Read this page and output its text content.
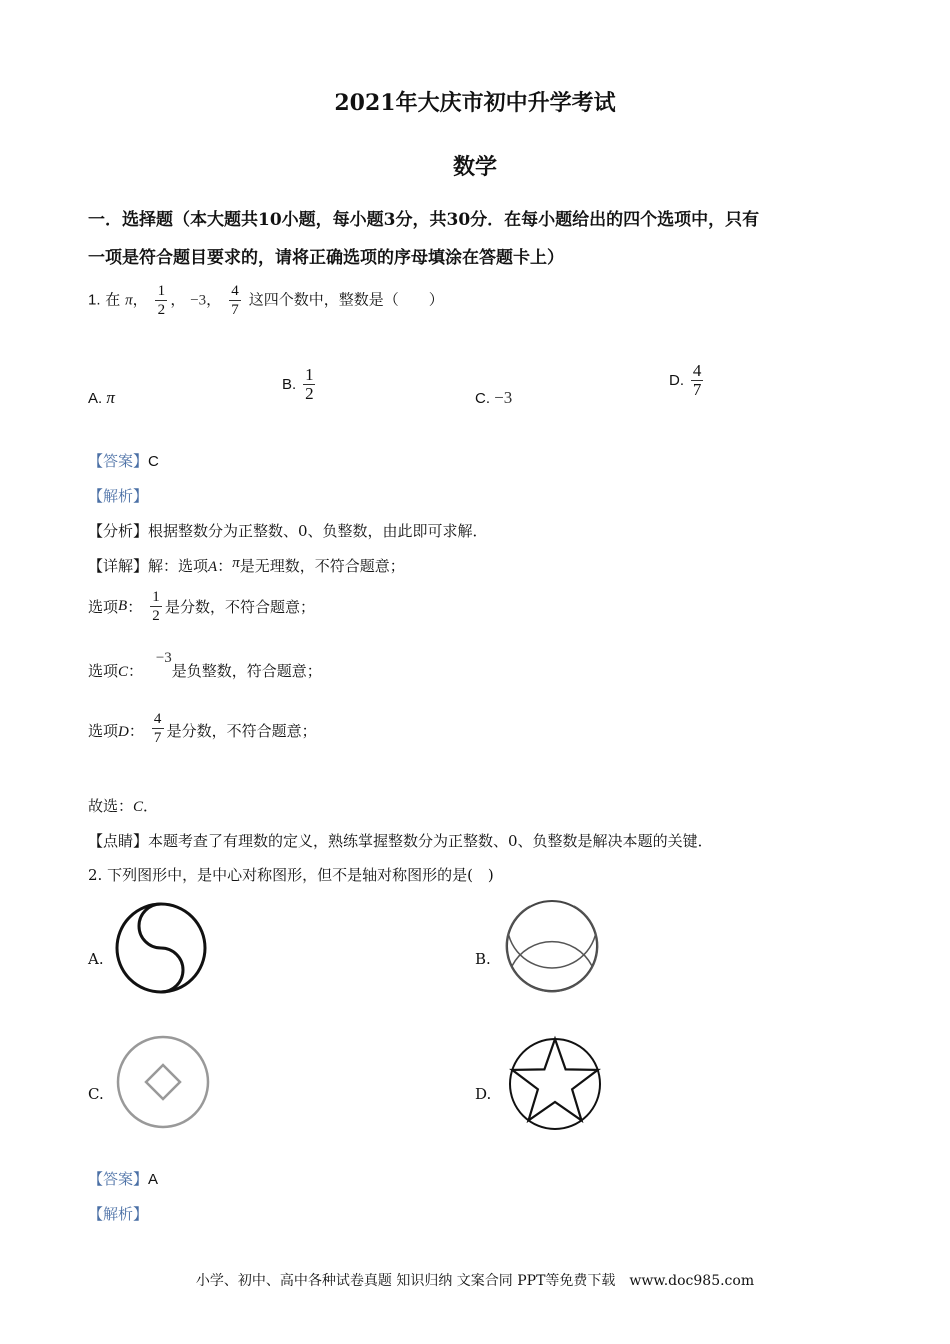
2021年大庆市初中升学考试
数学
一．选择题（本大题共10小题，每小题3分，共30分．在每小题给出的四个选项中，只有
一项是符合题目要求的，请将正确选项的序母填涂在答题卡上）
1. 在 π， $\frac{1}{2}$ ， −3， $\frac{4}{7}$ 这四个数中，整数是（　　）
A. π
B. $\frac{1}{2}$	C. −3
D. $\frac{4}{7}$
【答案】C
【解析】
【分析】根据整数分为正整数、0、负整数，由此即可求解．
【详解】解：选项A：π是无理数，不符合题意；
选项B： $\frac{1}{2}$ 是分数，不符合题意；
选项C： −3是负整数，符合题意；
选项D： $\frac{4}{7}$ 是分数，不符合题意；
故选：C．
【点睛】本题考查了有理数的定义，熟练掌握整数分为正整数、0、负整数是解决本题的关键．
2. 下列图形中，是中心对称图形，但不是轴对称图形的是(　)
A.	B.
C.	D.
【答案】A
【解析】
小学、初中、高中各种试卷真题 知识归纳 文案合同 PPT等免费下载　www.doc985.com
